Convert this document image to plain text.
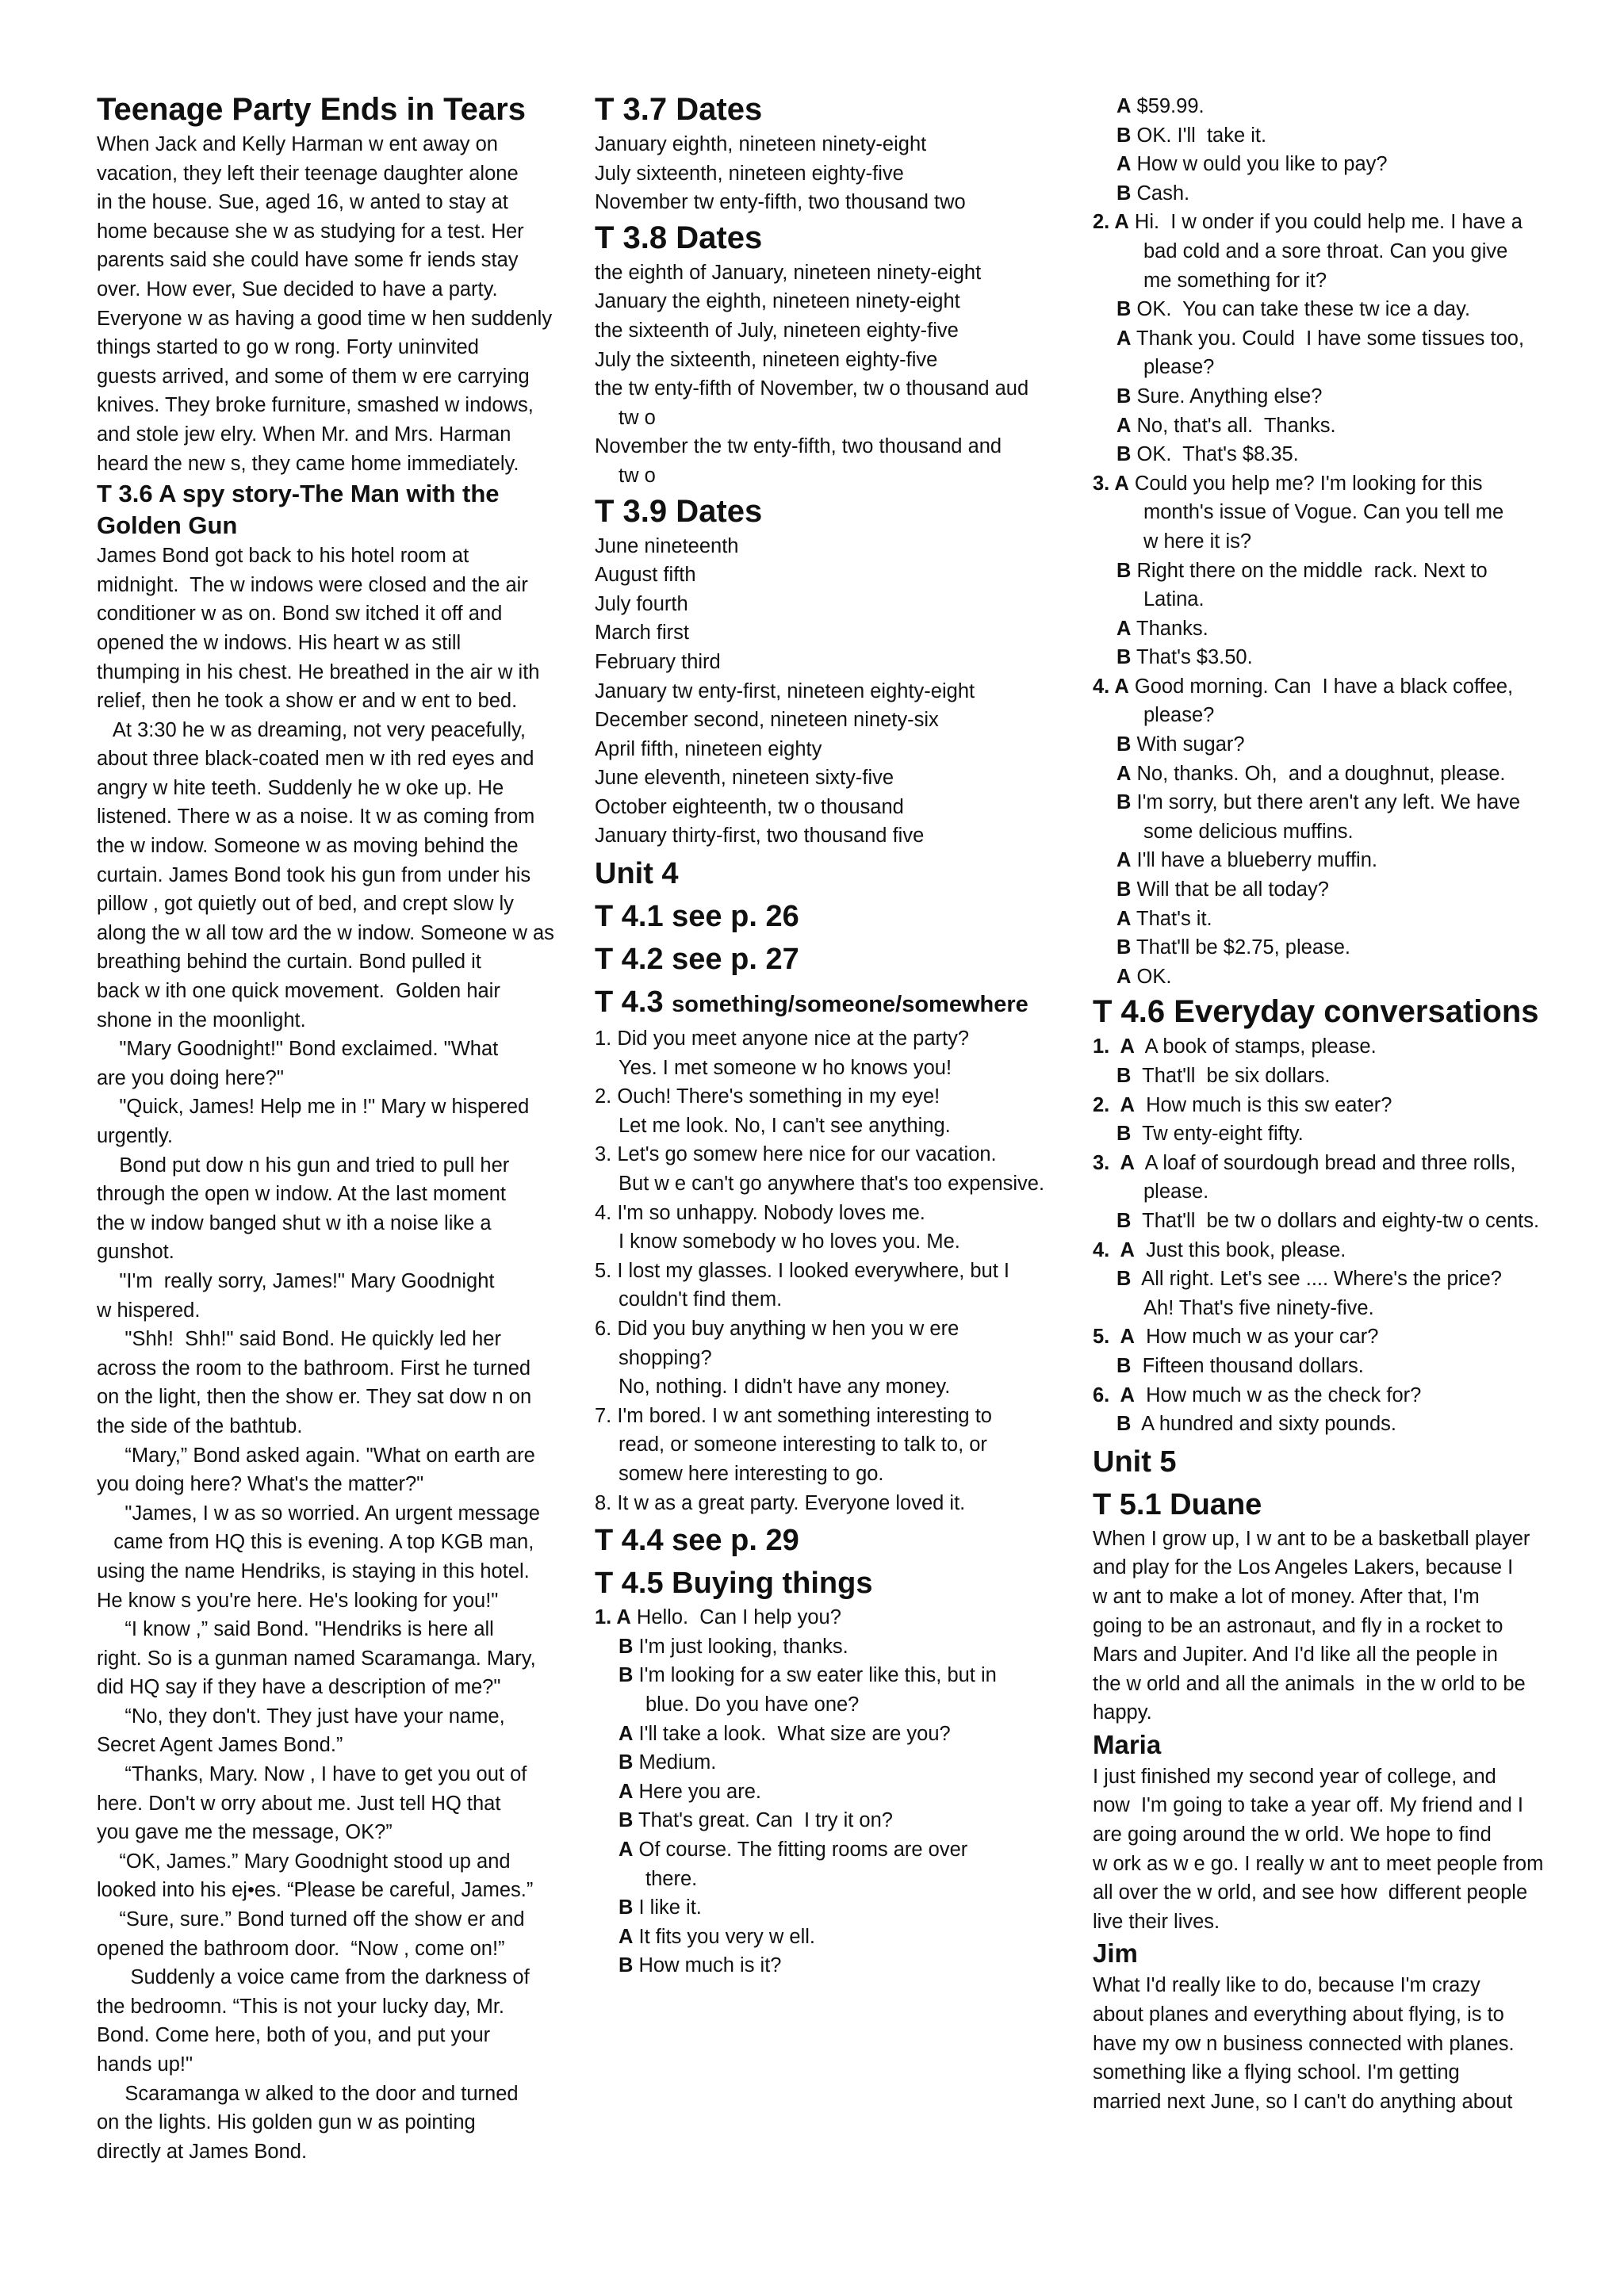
Teenage Party Ends in Tears
When Jack and Kelly Harman w ent away on
vacation, they left their teenage daughter alone
in the house. Sue, aged 16, w anted to stay at
home because she w as studying for a test. Her
parents said she could have some fr iends stay
over. How ever, Sue decided to have a party.
Everyone w as having a good time w hen suddenly
things started to go w rong. Forty uninvited
guests arrived, and some of them w ere carrying
knives. They broke furniture, smashed w indows,
and stole jew elry. When Mr. and Mrs. Harman
heard the new s, they came home immediately.
T 3.6 A spy story-The Man with the
Golden Gun
James Bond got back to his hotel room at
midnight.  The w indows were closed and the air
conditioner w as on. Bond sw itched it off and
opened the w indows. His heart w as still
thumping in his chest. He breathed in the air w ith
relief, then he took a show er and w ent to bed.
At 3:30 he w as dreaming, not very peacefully,
about three black-coated men w ith red eyes and
angry w hite teeth. Suddenly he w oke up. He
listened. There w as a noise. It w as coming from
the w indow. Someone w as moving behind the
curtain. James Bond took his gun from under his
pillow , got quietly out of bed, and crept slow ly
along the w all tow ard the w indow. Someone w as
breathing behind the curtain. Bond pulled it
back w ith one quick movement.  Golden hair
shone in the moonlight.
"Mary Goodnight!" Bond exclaimed. "What
are you doing here?"
"Quick, James! Help me in !" Mary w hispered
urgently.
Bond put dow n his gun and tried to pull her
through the open w indow. At the last moment
the w indow banged shut w ith a noise like a
gunshot.
"I'm  really sorry, James!" Mary Goodnight
w hispered.
"Shh!  Shh!" said Bond. He quickly led her
across the room to the bathroom. First he turned
on the light, then the show er. They sat dow n on
the side of the bathtub.
“Mary,” Bond asked again. "What on earth are
you doing here? What's the matter?"
"James, I w as so worried. An urgent message
came from HQ this is evening. A top KGB man,
using the name Hendriks, is staying in this hotel.
He know s you're here. He's looking for you!"
“I know ,” said Bond. "Hendriks is here all
right. So is a gunman named Scaramanga. Mary,
did HQ say if they have a description of me?"
“No, they don't. They just have your name,
Secret Agent James Bond.”
“Thanks, Mary. Now , I have to get you out of
here. Don't w orry about me. Just tell HQ that
you gave me the message, OK?”
“OK, James.” Mary Goodnight stood up and
looked into his ej•es. “Please be careful, James.”
“Sure, sure.” Bond turned off the show er and
opened the bathroom door.  “Now , come on!”
Suddenly a voice came from the darkness of
the bedroomn. “This is not your lucky day, Mr.
Bond. Come here, both of you, and put your
hands up!"
Scaramanga w alked to the door and turned
on the lights. His golden gun w as pointing
directly at James Bond.
T 3.7 Dates
January eighth, nineteen ninety-eight
July sixteenth, nineteen eighty-five
November tw enty-fifth, two thousand two
T 3.8 Dates
the eighth of January, nineteen ninety-eight
January the eighth, nineteen ninety-eight
the sixteenth of July, nineteen eighty-five
July the sixteenth, nineteen eighty-five
the tw enty-fifth of November, tw o thousand aud
tw o
November the tw enty-fifth, two thousand and
tw o
T 3.9 Dates
June nineteenth
August fifth
July fourth
March first
February third
January tw enty-first, nineteen eighty-eight
December second, nineteen ninety-six
April fifth, nineteen eighty
June eleventh, nineteen sixty-five
October eighteenth, tw o thousand
January thirty-first, two thousand five
Unit 4
T 4.1 see p. 26
T 4.2 see p. 27
T 4.3 something/someone/somewhere
1. Did you meet anyone nice at the party?
Yes. I met someone w ho knows you!
2. Ouch! There's something in my eye!
Let me look. No, I can't see anything.
3. Let's go somew here nice for our vacation.
But w e can't go anywhere that's too expensive.
4. I'm so unhappy. Nobody loves me.
I know somebody w ho loves you. Me.
5. I lost my glasses. I looked everywhere, but I
couldn't find them.
6. Did you buy anything w hen you w ere
shopping?
No, nothing. I didn't have any money.
7. I'm bored. I w ant something interesting to
read, or someone interesting to talk to, or
somew here interesting to go.
8. It w as a great party. Everyone loved it.
T 4.4 see p. 29
T 4.5 Buying things
1. A Hello.  Can I help you?
B I'm just looking, thanks.
B I'm looking for a sw eater like this, but in
blue. Do you have one?
A I'll take a look.  What size are you?
B Medium.
A Here you are.
B That's great. Can  I try it on?
A Of course. The fitting rooms are over
there.
B I like it.
A It fits you very w ell.
B How much is it?
A $59.99.
B OK. I'll  take it.
A How w ould you like to pay?
B Cash.
2. A Hi.  I w onder if you could help me. I have a
bad cold and a sore throat. Can you give
me something for it?
B OK.  You can take these tw ice a day.
A Thank you. Could  I have some tissues too,
please?
B Sure. Anything else?
A No, that's all.  Thanks.
B OK.  That's $8.35.
3. A Could you help me? I'm looking for this
month's issue of Vogue. Can you tell me
w here it is?
B Right there on the middle  rack. Next to
Latina.
A Thanks.
B That's $3.50.
4. A Good morning. Can  I have a black coffee,
please?
B With sugar?
A No, thanks. Oh,  and a doughnut, please.
B I'm sorry, but there aren't any left. We have
some delicious muffins.
A I'll have a blueberry muffin.
B Will that be all today?
A That's it.
B That'll be $2.75, please.
A OK.
T 4.6 Everyday conversations
1.  A  A book of stamps, please.
B  That'll  be six dollars.
2.  A  How much is this sw eater?
B  Tw enty-eight fifty.
3.  A  A loaf of sourdough bread and three rolls,
please.
B  That'll  be tw o dollars and eighty-tw o cents.
4.  A  Just this book, please.
B  All right. Let's see .... Where's the price?
Ah! That's five ninety-five.
5.  A  How much w as your car?
B  Fifteen thousand dollars.
6.  A  How much w as the check for?
B  A hundred and sixty pounds.
Unit 5
T 5.1 Duane
When I grow up, I w ant to be a basketball player
and play for the Los Angeles Lakers, because I
w ant to make a lot of money. After that, I'm
going to be an astronaut, and fly in a rocket to
Mars and Jupiter. And I'd like all the people in
the w orld and all the animals  in the w orld to be
happy.
Maria
I just finished my second year of college, and
now  I'm going to take a year off. My friend and I
are going around the w orld. We hope to find
w ork as w e go. I really w ant to meet people from
all over the w orld, and see how  different people
live their lives.
Jim
What I'd really like to do, because I'm crazy
about planes and everything about flying, is to
have my ow n business connected with planes.
something like a flying school. I'm getting
married next June, so I can't do anything about
